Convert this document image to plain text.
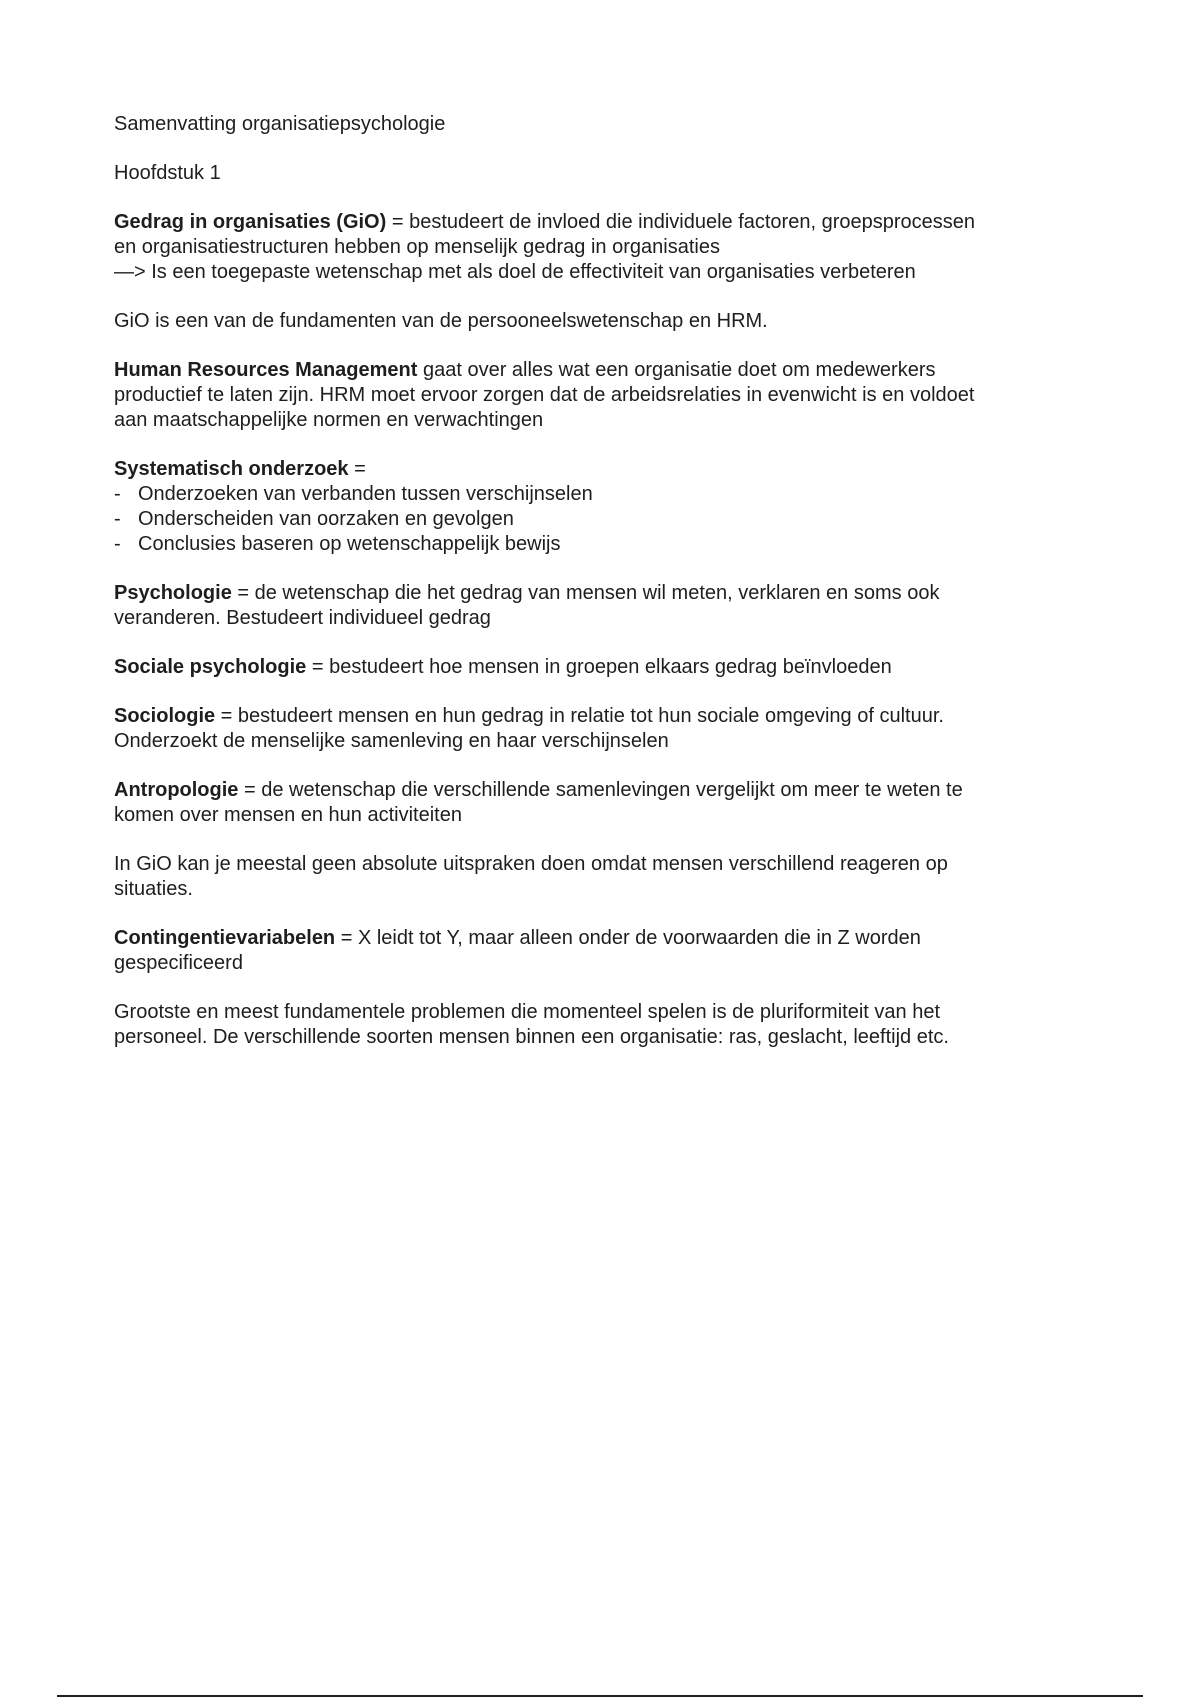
Samenvatting organisatiepsychologie
Hoofdstuk 1
Gedrag in organisaties (GiO) = bestudeert de invloed die individuele factoren, groepsprocessen
en organisatiestructuren hebben op menselijk gedrag in organisaties
—> Is een toegepaste wetenschap met als doel de effectiviteit van organisaties verbeteren
GiO is een van de fundamenten van de persooneelswetenschap en HRM.
Human Resources Management gaat over alles wat een organisatie doet om medewerkers
productief te laten zijn. HRM moet ervoor zorgen dat de arbeidsrelaties in evenwicht is en voldoet
aan maatschappelijke normen en verwachtingen
Systematisch onderzoek =
- Onderzoeken van verbanden tussen verschijnselen
- Onderscheiden van oorzaken en gevolgen
- Conclusies baseren op wetenschappelijk bewijs
Psychologie = de wetenschap die het gedrag van mensen wil meten, verklaren en soms ook
veranderen. Bestudeert individueel gedrag
Sociale psychologie = bestudeert hoe mensen in groepen elkaars gedrag beïnvloeden
Sociologie = bestudeert mensen en hun gedrag in relatie tot hun sociale omgeving of cultuur.
Onderzoekt de menselijke samenleving en haar verschijnselen
Antropologie = de wetenschap die verschillende samenlevingen vergelijkt om meer te weten te
komen over mensen en hun activiteiten
In GiO kan je meestal geen absolute uitspraken doen omdat mensen verschillend reageren op
situaties.
Contingentievariabelen = X leidt tot Y, maar alleen onder de voorwaarden die in Z worden
gespecificeerd
Grootste en meest fundamentele problemen die momenteel spelen is de pluriformiteit van het
personeel. De verschillende soorten mensen binnen een organisatie: ras, geslacht, leeftijd etc.
